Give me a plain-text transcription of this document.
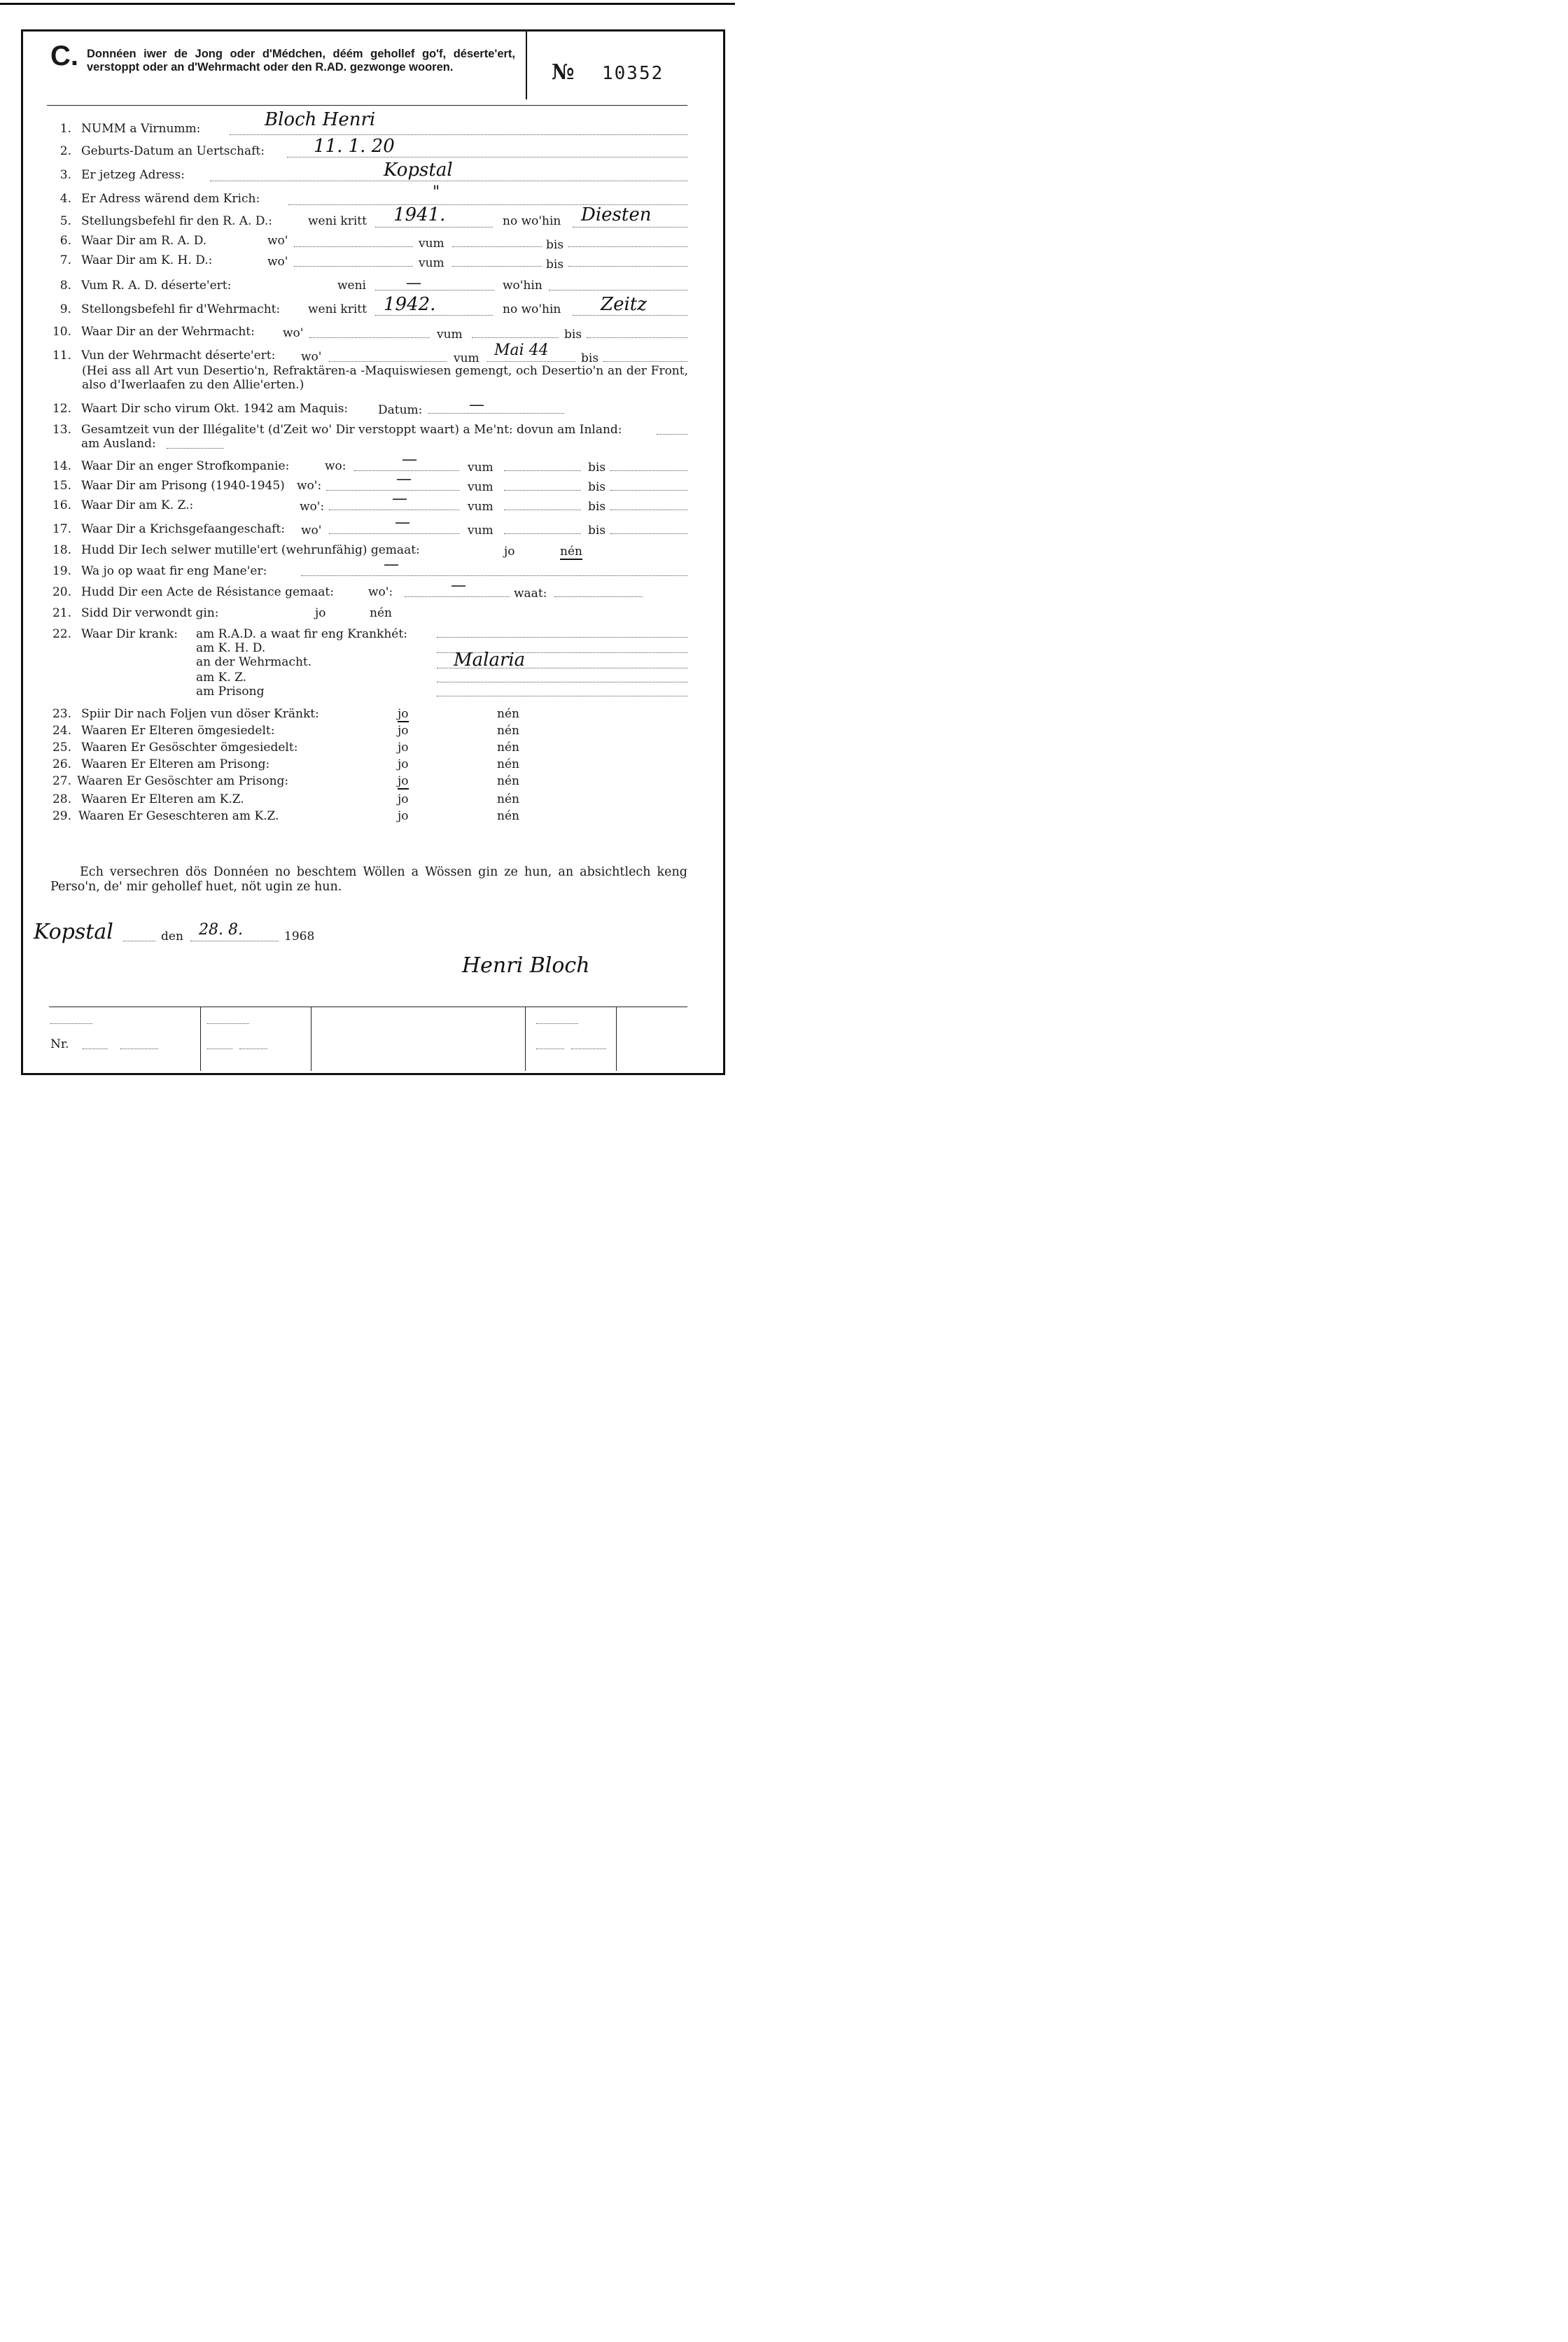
C. Donnéen iwer de Jong oder d'Médchen, déém gehollef go'f, déserte'ert, verstoppt oder an d'Wehrmacht oder den R.AD. gezwonge wooren.	№ 10352
1. NUMM a Virnumm:	Bloch Henri
2. Geburts-Datum an Uertschaft:	11. 1. 20
3. Er jetzeg Adress:	Kopstal
4. Er Adress wärend dem Krich:	"
5. Stellungsbefehl fir den R. A. D.:	weni kritt 1941.	no wo'hin Diesten
6. Waar Dir am R. A. D.	wo'	vum	bis
7. Waar Dir am K. H. D.:	wo'	vum	bis
8. Vum R. A. D. déserte'ert:	weni	—	wo'hin
9. Stellongsbefehl fir d'Wehrmacht: weni kritt 1942.	no wo'hin Zeitz
10. Waar Dir an der Wehrmacht: wo'	vum	bis
11. Vun der Wehrmacht déserte'ert: wo'	vum Mai 44	bis
(Hei ass all Art vun Desertio'n, Refraktären-a -Maquiswiesen gemengt, och Desertio'n an der Front, also d'Iwerlaafen zu den Allie'erten.)
12. Waart Dir scho virum Okt. 1942 am Maquis:	Datum:	—
13. Gesamtzeit vun der Illégalite't (d'Zeit wo' Dir verstoppt waart) a Me'nt: dovun am Inland:
am Ausland:
14. Waar Dir an enger Strofkompanie:	wo:	—	vum	bis
15. Waar Dir am Prisong (1940-1945) wo':	—	vum	bis
16. Waar Dir am K. Z.:	wo':	—	vum	bis
17. Waar Dir a Krichsgefaangeschaft: wo'	—	vum	bis
18. Hudd Dir Iech selwer mutille'ert (wehrunfähig) gemaat:	jo	nén
19. Wa jo op waat fir eng Mane'er:	—
20. Hudd Dir een Acte de Résistance gemaat:	wo':	—	waat:
21. Sidd Dir verwondt gin:	jo	nén
22. Waar Dir krank: am R.A.D. a waat fir eng Krankhét:
am K. H. D.
an der Wehrmacht.	Malaria
am K. Z.
am Prisong
23. Spiir Dir nach Foljen vun döser Kränkt:	jo	nén
24. Waaren Er Elteren ömgesiedelt:	jo	nén
25. Waaren Er Gesöschter ömgesiedelt:	jo	nén
26. Waaren Er Elteren am Prisong:	jo	nén
27. Waaren Er Gesöschter am Prisong:	jo	nén
28. Waaren Er Elteren am K.Z.	jo	nén
29. Waaren Er Geseschteren am K.Z.	jo	nén
Ech versechren dös Donnéen no beschtem Wöllen a Wössen gin ze hun, an absichtlech keng Perso'n, de' mir gehollef huet, nöt ugin ze hun.
Kopstal	den 28. 8.	1968
Henri Bloch
Nr.
